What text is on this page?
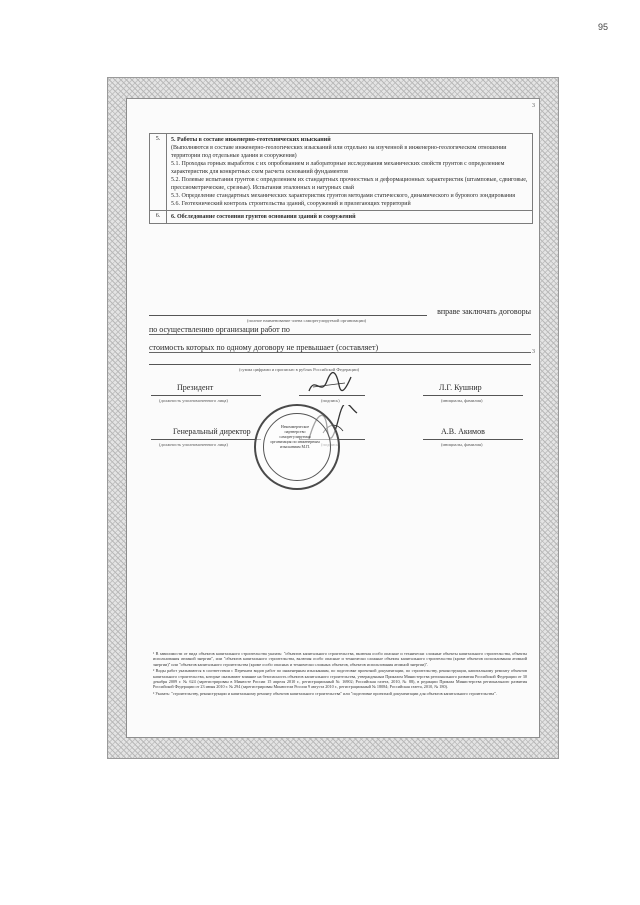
95
3
5.	5. Работы в составе инженерно-геотехнических изысканий

(Выполняются в составе инженерно-геологических изысканий или отдельно на изученной в инженерно-геологическом отношении территории под отдельные здания и сооружения)

5.1. Проходка горных выработок с их опробованием и лабораторные исследования механических свойств грунтов с определением характеристик для конкретных схем расчета оснований фундаментов

5.2. Полевые испытания грунтов с определением их стандартных прочностных и деформационных характеристик (штамповые, сдвиговые, прессиометрические, срезные). Испытания эталонных и натурных свай

5.3. Определение стандартных механических характеристик грунтов методами статического, динамического и бурового зондирования

5.6. Геотехнический контроль строительства зданий, сооружений и прилегающих территорий

6.	6. Обследование состояния грунтов основания зданий и сооружений

вправе заключать договоры
(полное наименование члена саморегулируемой организации)
по осуществлению организации работ по
стоимость которых по одному договору не превышает (составляет)	3
(сумма цифрами и прописью в рублях Российской Федерации)
Президент
(должность уполномоченного лица)	(подпись)
Л.Г. Кушнир
(инициалы, фамилия)
Генеральный директор
(должность уполномоченного лица)
А.В. Акимов
(инициалы, фамилия)
Некоммерческое партнерство саморегулируемая организация по инженерным изысканиям М.П.

¹ В зависимости от вида объектов капитального строительства указать: "объектов капитального строительства, включая особо опасные и технически сложные объекты капитального строительства, объекты использования атомной энергии", или "объектов капитального строительства, включая особо опасные и технически сложные объекты капитального строительства (кроме объектов использования атомной энергии)" или "объектов капитального строительства (кроме особо опасных и технически сложных объектов, объектов использования атомной энергии)".

² Виды работ указываются в соответствии с Перечнем видов работ по инженерным изысканиям, по подготовке проектной документации, по строительству, реконструкции, капитальному ремонту объектов капитального строительства, которые оказывают влияние на безопасность объектов капитального строительства, утвержденным Приказом Министерства регионального развития Российской Федерации от 30 декабря 2009 г. № 624 (зарегистрирован в Минюсте России 15 апреля 2010 г., регистрационный № 16902; Российская газета, 2010, № 88), в редакции Приказа Министерства регионального развития Российской Федерации от 23 июня 2010 г. № 294 (зарегистрирован Минюстом России 9 августа 2010 г., регистрационный № 18084; Российская газета, 2010, № 180).

³ Указать: "строительству, реконструкции и капитальному ремонту объектов капитального строительства" или "подготовке проектной документации для объектов капитального строительства".
